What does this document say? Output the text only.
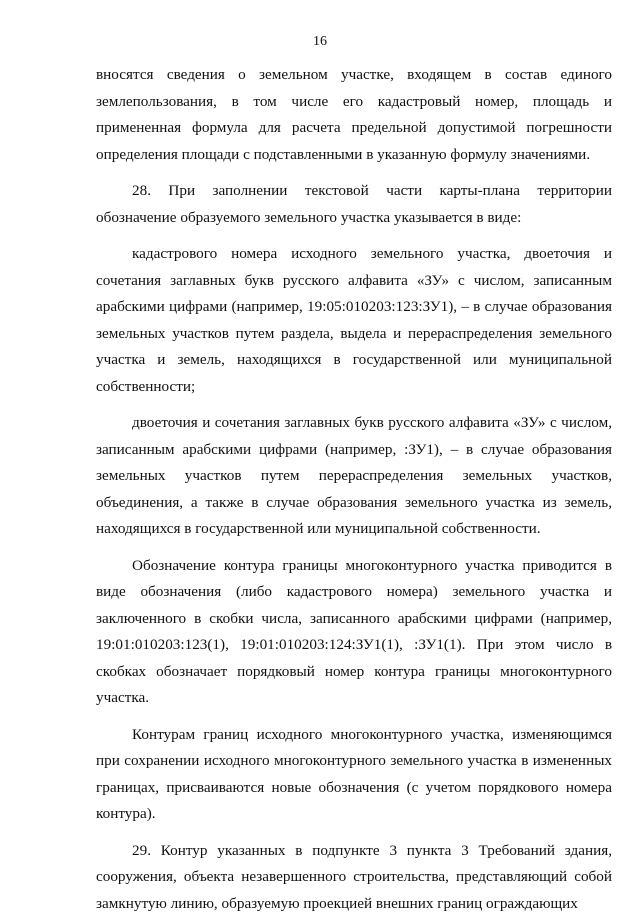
16

вносятся сведения о земельном участке, входящем в состав единого землепользования, в том числе его кадастровый номер, площадь и примененная формула для расчета предельной допустимой погрешности определения площади с подставленными в указанную формулу значениями.

28. При заполнении текстовой части карты-плана территории обозначение образуемого земельного участка указывается в виде:

кадастрового номера исходного земельного участка, двоеточия и сочетания заглавных букв русского алфавита «ЗУ» с числом, записанным арабскими цифрами (например, 19:05:010203:123:ЗУ1), – в случае образования земельных участков путем раздела, выдела и перераспределения земельного участка и земель, находящихся в государственной или муниципальной собственности;

двоеточия и сочетания заглавных букв русского алфавита «ЗУ» с числом, записанным арабскими цифрами (например, :ЗУ1), – в случае образования земельных участков путем перераспределения земельных участков, объединения, а также в случае образования земельного участка из земель, находящихся в государственной или муниципальной собственности.

Обозначение контура границы многоконтурного участка приводится в виде обозначения (либо кадастрового номера) земельного участка и заключенного в скобки числа, записанного арабскими цифрами (например, 19:01:010203:123(1), 19:01:010203:124:ЗУ1(1), :ЗУ1(1). При этом число в скобках обозначает порядковый номер контура границы многоконтурного участка.

Контурам границ исходного многоконтурного участка, изменяющимся при сохранении исходного многоконтурного земельного участка в измененных границах, присваиваются новые обозначения (с учетом порядкового номера контура).

29. Контур указанных в подпункте 3 пункта 3 Требований здания, сооружения, объекта незавершенного строительства, представляющий собой замкнутую линию, образуемую проекцией внешних границ ограждающих
